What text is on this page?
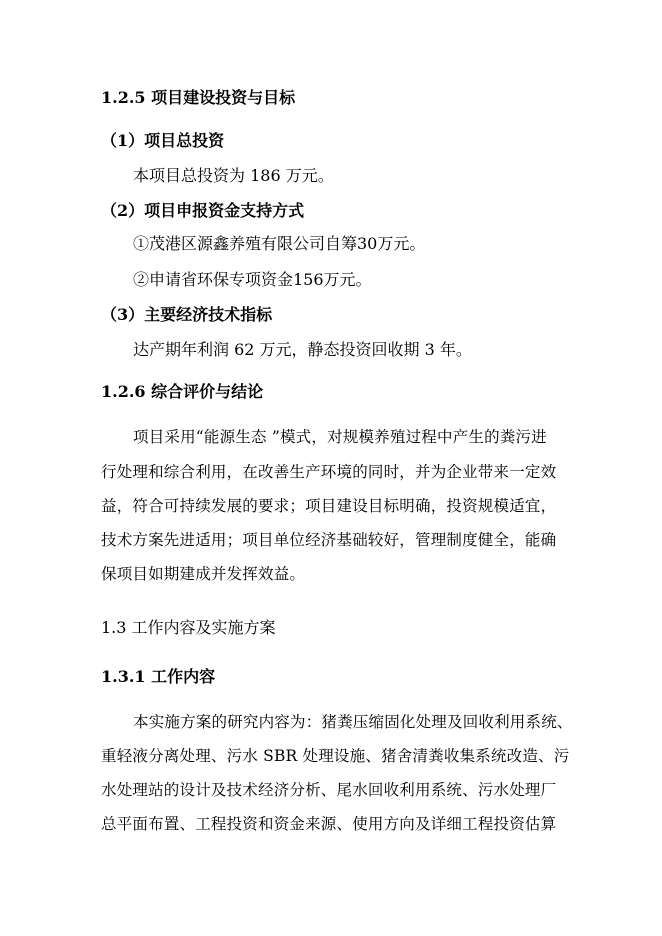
1.2.5 项目建设投资与目标
（1）项目总投资
本项目总投资为 186 万元。
（2）项目申报资金支持方式
①茂港区源鑫养殖有限公司自筹30万元。
②申请省环保专项资金156万元。
（3）主要经济技术指标
达产期年利润 62 万元，静态投资回收期 3 年。
1.2.6 综合评价与结论
项目采用“能源生态 ”模式，对规模养殖过程中产生的粪污进
行处理和综合利用，在改善生产环境的同时，并为企业带来一定效
益，符合可持续发展的要求；项目建设目标明确，投资规模适宜，
技术方案先进适用；项目单位经济基础较好，管理制度健全，能确
保项目如期建成并发挥效益。
1.3 工作内容及实施方案
1.3.1 工作内容
本实施方案的研究内容为：猪粪压缩固化处理及回收利用系统、
重轻液分离处理、污水 SBR 处理设施、猪舍清粪收集系统改造、污
水处理站的设计及技术经济分析、尾水回收利用系统、污水处理厂
总平面布置、工程投资和资金来源、使用方向及详细工程投资估算
